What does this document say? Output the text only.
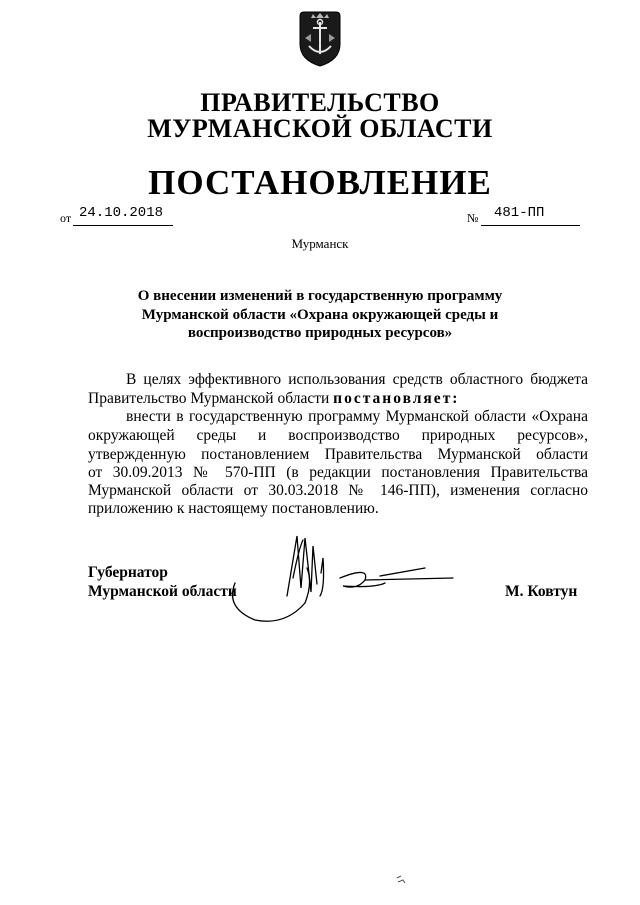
ПРАВИТЕЛЬСТВО
МУРМАНСКОЙ ОБЛАСТИ
ПОСТАНОВЛЕНИЕ
от 24.10.2018	№ 481-ПП
Мурманск
О внесении изменений в государственную программу
Мурманской области «Охрана окружающей среды и
воспроизводство природных ресурсов»
В целях эффективного использования средств областного бюджета
Правительство Мурманской области постановляет:
внести в государственную программу Мурманской области «Охрана
окружающей среды и воспроизводство природных ресурсов»,
утвержденную постановлением Правительства Мурманской области
от 30.09.2013 № 570-ПП (в редакции постановления Правительства
Мурманской области от 30.03.2018 № 146-ПП), изменения согласно
приложению к настоящему постановлению.
Губернатор
Мурманской области	М. Ковтун
